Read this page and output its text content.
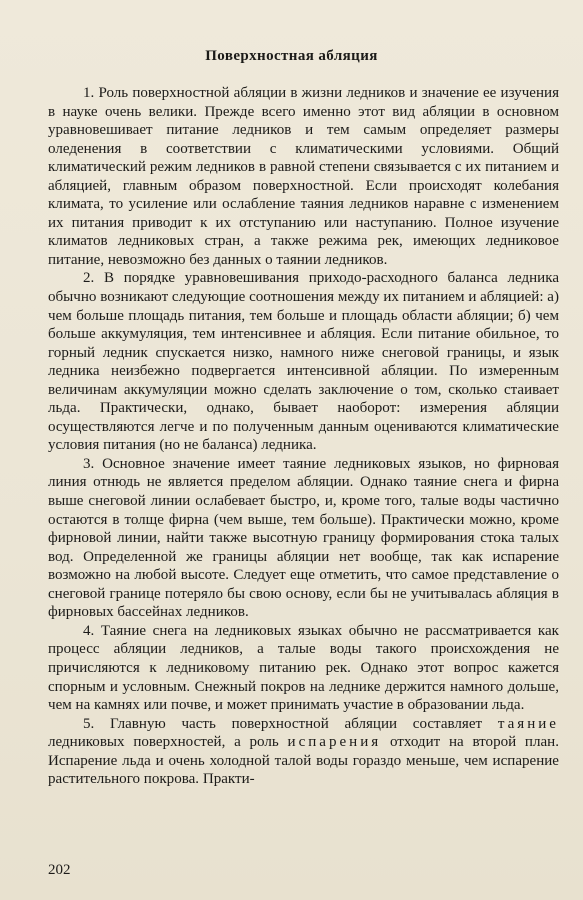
Поверхностная абляция

1. Роль поверхностной абляции в жизни ледников и значение ее изучения в науке очень велики. Прежде всего именно этот вид абляции в основном уравновешивает питание ледников и тем самым определяет размеры оледенения в соответствии с климатическими условиями. Общий климатический режим ледников в равной степени связывается с их питанием и абляцией, главным образом поверхностной. Если происходят колебания климата, то усиление или ослабление таяния ледников наравне с изменением их питания приводит к их отступанию или наступанию. Полное изучение климатов ледниковых стран, а также режима рек, имеющих ледниковое питание, невозможно без данных о таянии ледников.

2. В порядке уравновешивания приходо-расходного баланса ледника обычно возникают следующие соотношения между их питанием и абляцией: а) чем больше площадь питания, тем больше и площадь области абляции; б) чем больше аккумуляция, тем интенсивнее и абляция. Если питание обильное, то горный ледник спускается низко, намного ниже снеговой границы, и язык ледника неизбежно подвергается интенсивной абляции. По измеренным величинам аккумуляции можно сделать заключение о том, сколько стаивает льда. Практически, однако, бывает наоборот: измерения абляции осуществляются легче и по полученным данным оцениваются климатические условия питания (но не баланса) ледника.

3. Основное значение имеет таяние ледниковых языков, но фирновая линия отнюдь не является пределом абляции. Однако таяние снега и фирна выше снеговой линии ослабевает быстро, и, кроме того, талые воды частично остаются в толще фирна (чем выше, тем больше). Практически можно, кроме фирновой линии, найти также высотную границу формирования стока талых вод. Определенной же границы абляции нет вообще, так как испарение возможно на любой высоте. Следует еще отметить, что самое представление о снеговой границе потеряло бы свою основу, если бы не учитывалась абляция в фирновых бассейнах ледников.

4. Таяние снега на ледниковых языках обычно не рассматривается как процесс абляции ледников, а талые воды такого происхождения не причисляются к ледниковому питанию рек. Однако этот вопрос кажется спорным и условным. Снежный покров на леднике держится намного дольше, чем на камнях или почве, и может принимать участие в образовании льда.

5. Главную часть поверхностной абляции составляет таяние ледниковых поверхностей, а роль испарения отходит на второй план. Испарение льда и очень холодной талой воды гораздо меньше, чем испарение растительного покрова. Практи-

202
